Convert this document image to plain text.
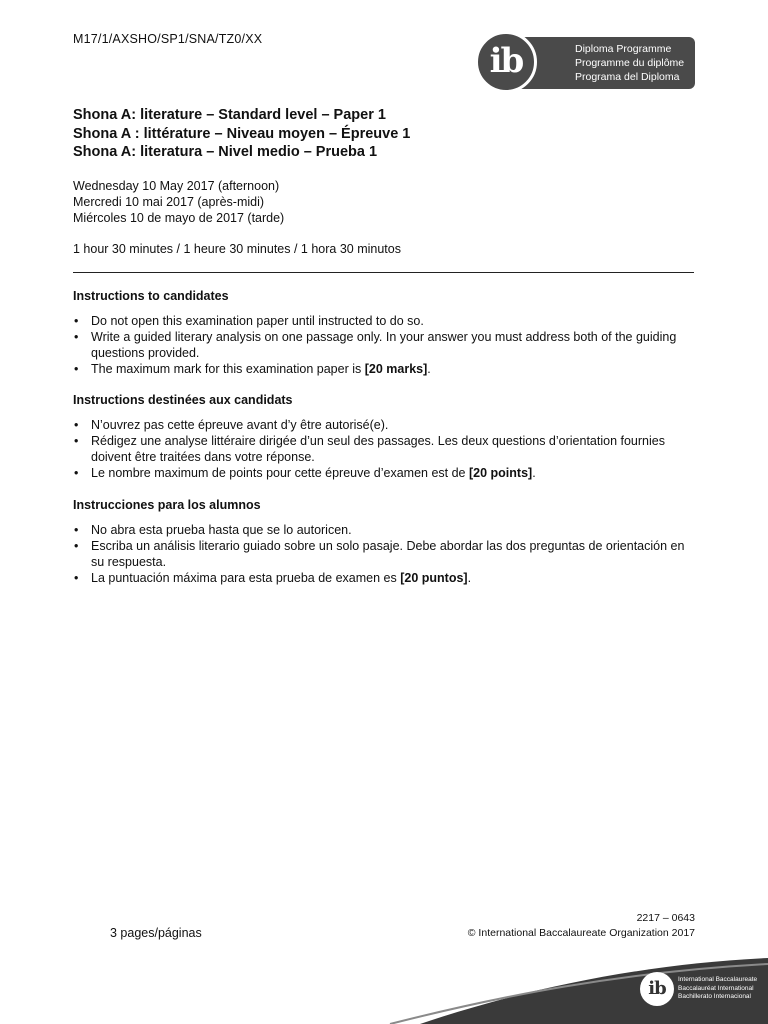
M17/1/AXSHO/SP1/SNA/TZ0/XX
Diploma Programme
Programme du diplôme
Programa del Diploma
ib
Shona A: literature – Standard level – Paper 1
Shona A : littérature – Niveau moyen – Épreuve 1
Shona A: literatura – Nivel medio – Prueba 1
Wednesday 10 May 2017 (afternoon)
Mercredi 10 mai 2017 (après-midi)
Miércoles 10 de mayo de 2017 (tarde)
1 hour 30 minutes / 1 heure 30 minutes / 1 hora 30 minutos
Instructions to candidates
• Do not open this examination paper until instructed to do so.
• Write a guided literary analysis on one passage only. In your answer you must address both of the guiding questions provided.
• The maximum mark for this examination paper is [20 marks].
Instructions destinées aux candidats
• N’ouvrez pas cette épreuve avant d’y être autorisé(e).
• Rédigez une analyse littéraire dirigée d’un seul des passages. Les deux questions d’orientation fournies doivent être traitées dans votre réponse.
• Le nombre maximum de points pour cette épreuve d’examen est de [20 points].
Instrucciones para los alumnos
• No abra esta prueba hasta que se lo autoricen.
• Escriba un análisis literario guiado sobre un solo pasaje. Debe abordar las dos preguntas de orientación en su respuesta.
• La puntuación máxima para esta prueba de examen es [20 puntos].
2217 – 0643
3 pages/páginas	© International Baccalaureate Organization 2017
ib	International Baccalaureate
Baccalauréat International
Bachillerato Internacional
